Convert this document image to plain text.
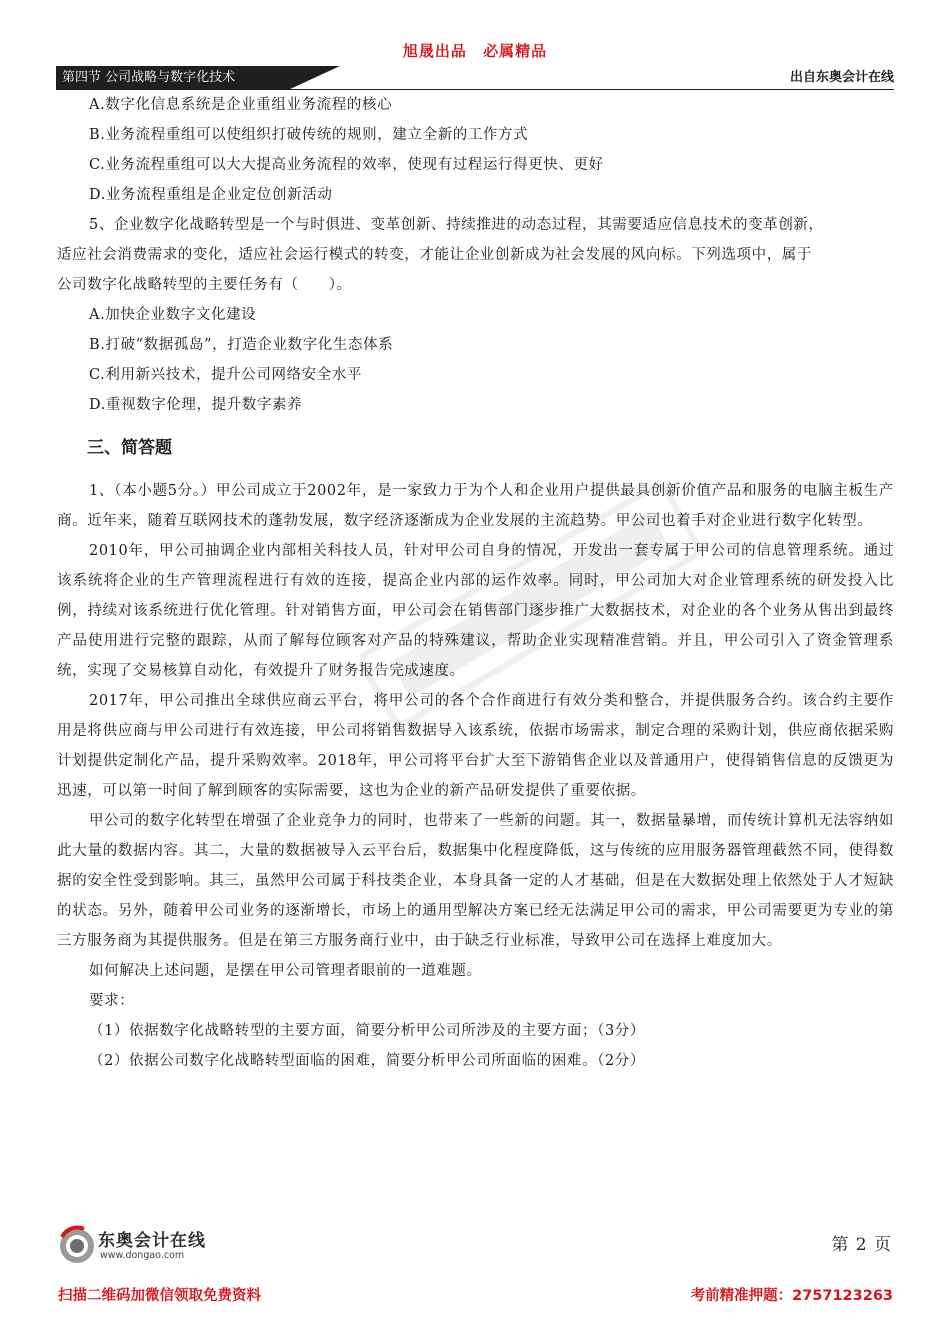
旭晟出品 必属精品
第四节 公司战略与数字化技术	出自东奥会计在线
A.数字化信息系统是企业重组业务流程的核心
B.业务流程重组可以使组织打破传统的规则，建立全新的工作方式
C.业务流程重组可以大大提高业务流程的效率，使现有过程运行得更快、更好
D.业务流程重组是企业定位创新活动
5、企业数字化战略转型是一个与时俱进、变革创新、持续推进的动态过程，其需要适应信息技术的变革创新，
适应社会消费需求的变化，适应社会运行模式的转变，才能让企业创新成为社会发展的风向标。下列选项中，属于
公司数字化战略转型的主要任务有（　　）。
A.加快企业数字文化建设
B.打破“数据孤岛”，打造企业数字化生态体系
C.利用新兴技术，提升公司网络安全水平
D.重视数字伦理，提升数字素养
三、简答题

1、（本小题5分。）甲公司成立于2002年，是一家致力于为个人和企业用户提供最具创新价值产品和服务的电脑主板生产商。近年来，随着互联网技术的蓬勃发展，数字经济逐渐成为企业发展的主流趋势。甲公司也着手对企业进行数字化转型。

2010年，甲公司抽调企业内部相关科技人员，针对甲公司自身的情况，开发出一套专属于甲公司的信息管理系统。通过该系统将企业的生产管理流程进行有效的连接，提高企业内部的运作效率。同时，甲公司加大对企业管理系统的研发投入比例，持续对该系统进行优化管理。针对销售方面，甲公司会在销售部门逐步推广大数据技术，对企业的各个业务从售出到最终产品使用进行完整的跟踪，从而了解每位顾客对产品的特殊建议，帮助企业实现精准营销。并且，甲公司引入了资金管理系统，实现了交易核算自动化，有效提升了财务报告完成速度。

2017年，甲公司推出全球供应商云平台，将甲公司的各个合作商进行有效分类和整合，并提供服务合约。该合约主要作用是将供应商与甲公司进行有效连接，甲公司将销售数据导入该系统，依据市场需求，制定合理的采购计划，供应商依据采购计划提供定制化产品，提升采购效率。2018年，甲公司将平台扩大至下游销售企业以及普通用户，使得销售信息的反馈更为迅速，可以第一时间了解到顾客的实际需要，这也为企业的新产品研发提供了重要依据。

甲公司的数字化转型在增强了企业竞争力的同时，也带来了一些新的问题。其一，数据量暴增，而传统计算机无法容纳如此大量的数据内容。其二，大量的数据被导入云平台后，数据集中化程度降低，这与传统的应用服务器管理截然不同，使得数据的安全性受到影响。其三，虽然甲公司属于科技类企业，本身具备一定的人才基础，但是在大数据处理上依然处于人才短缺的状态。另外，随着甲公司业务的逐渐增长，市场上的通用型解决方案已经无法满足甲公司的需求，甲公司需要更为专业的第三方服务商为其提供服务。但是在第三方服务商行业中，由于缺乏行业标准，导致甲公司在选择上难度加大。

如何解决上述问题，是摆在甲公司管理者眼前的一道难题。

要求：

（1）依据数字化战略转型的主要方面，简要分析甲公司所涉及的主要方面；（3分）

（2）依据公司数字化战略转型面临的困难，简要分析甲公司所面临的困难。（2分）

东奥会计在线
www.dongao.com
第 2 页
扫描二维码加微信领取免费资料	考前精准押题：2757123263
